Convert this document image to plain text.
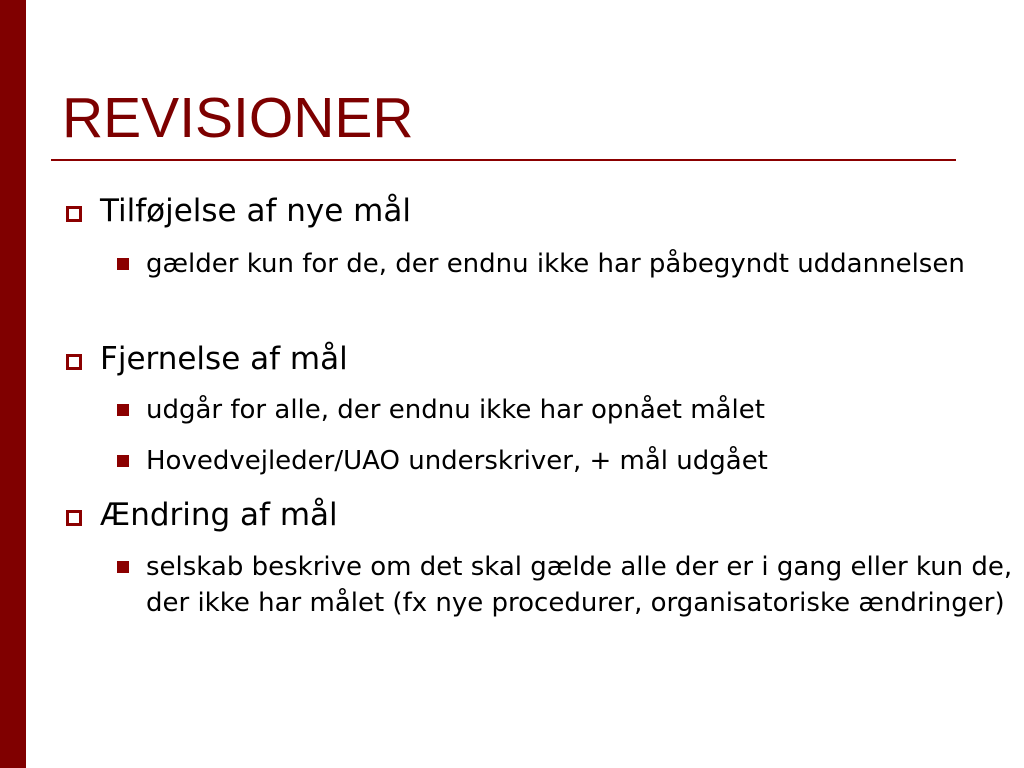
REVISIONER
Tilføjelse af nye mål
gælder kun for de, der endnu ikke har påbegyndt uddannelsen
Fjernelse af mål
udgår for alle, der endnu ikke har opnået målet
Hovedvejleder/UAO underskriver, + mål udgået
Ændring af mål
selskab beskrive om det skal gælde alle der er i gang eller kun de, der ikke har målet (fx nye procedurer, organisatoriske ændringer)
